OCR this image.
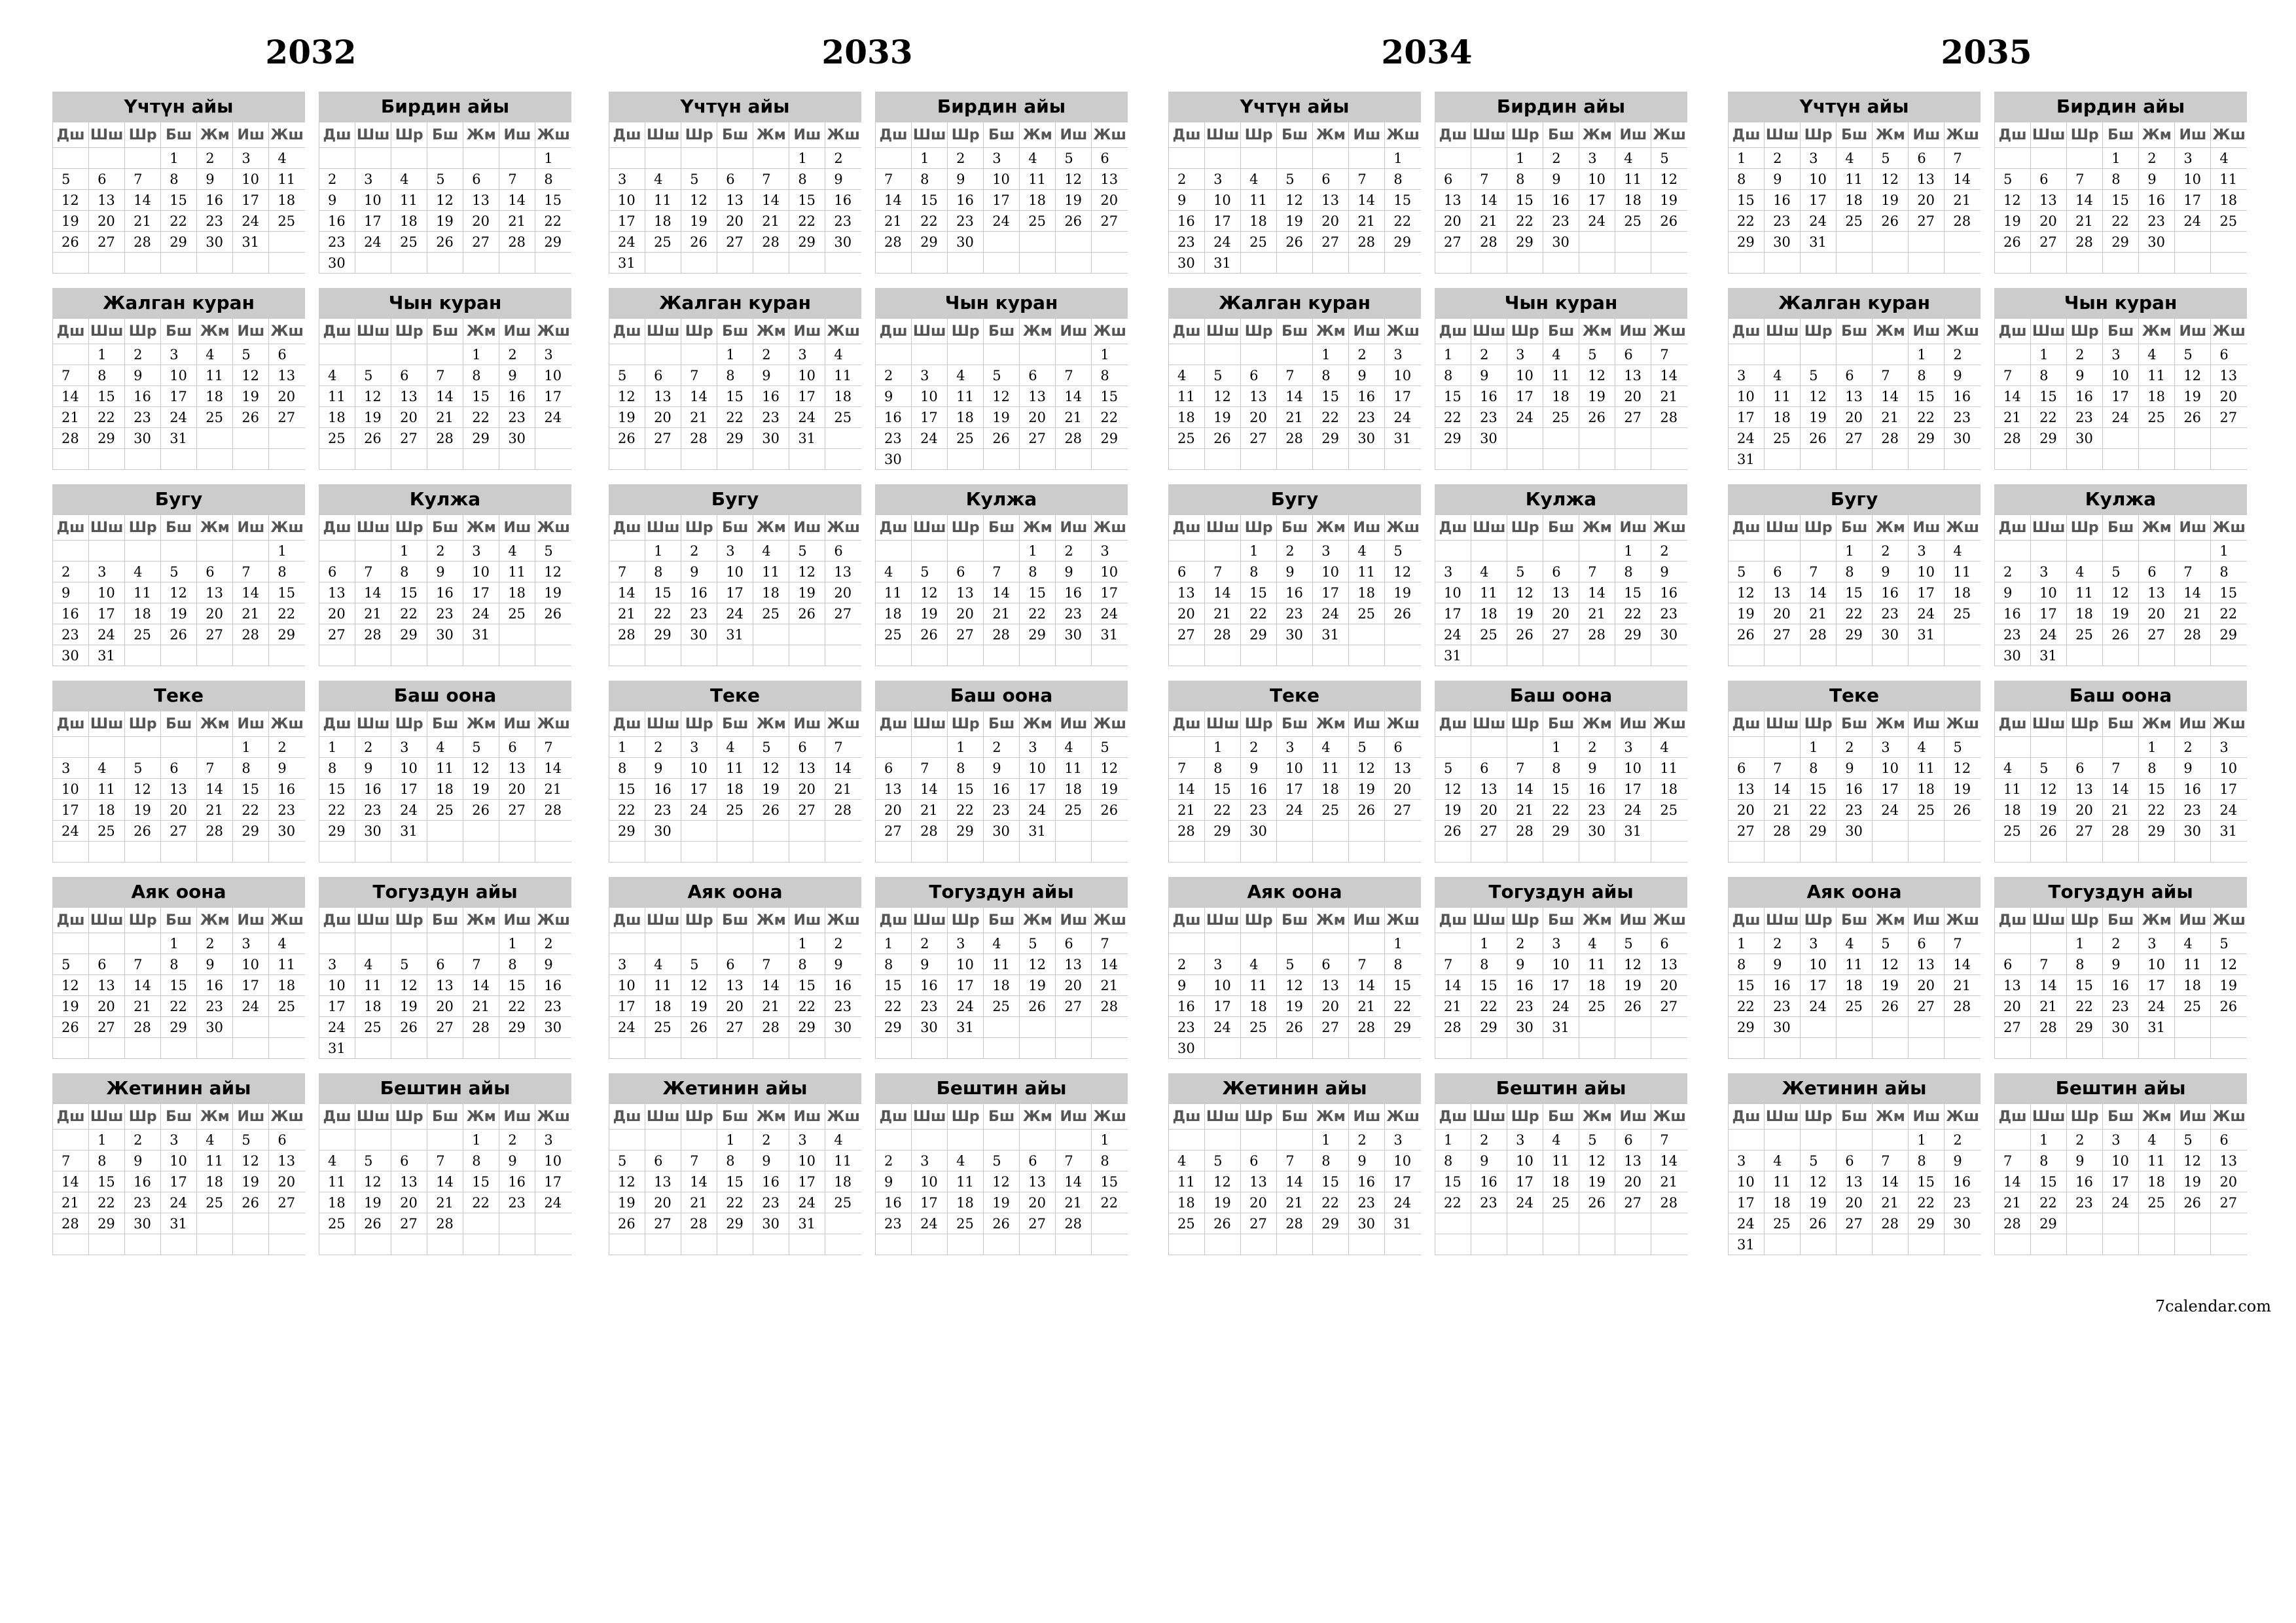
2032
Үчтүн айы
Дш	Шш	Шр	Бш	Жм	Иш	Жш
			1	2	3	4
5	6	7	8	9	10	11
12	13	14	15	16	17	18
19	20	21	22	23	24	25
26	27	28	29	30	31	

Бирдин айы
Дш	Шш	Шр	Бш	Жм	Иш	Жш
						1
2	3	4	5	6	7	8
9	10	11	12	13	14	15
16	17	18	19	20	21	22
23	24	25	26	27	28	29
30						
Жалган куран
Дш	Шш	Шр	Бш	Жм	Иш	Жш
	1	2	3	4	5	6
7	8	9	10	11	12	13
14	15	16	17	18	19	20
21	22	23	24	25	26	27
28	29	30	31			

Чын куран
Дш	Шш	Шр	Бш	Жм	Иш	Жш
				1	2	3
4	5	6	7	8	9	10
11	12	13	14	15	16	17
18	19	20	21	22	23	24
25	26	27	28	29	30	

Бугу
Дш	Шш	Шр	Бш	Жм	Иш	Жш
						1
2	3	4	5	6	7	8
9	10	11	12	13	14	15
16	17	18	19	20	21	22
23	24	25	26	27	28	29
30	31					
Кулжа
Дш	Шш	Шр	Бш	Жм	Иш	Жш
		1	2	3	4	5
6	7	8	9	10	11	12
13	14	15	16	17	18	19
20	21	22	23	24	25	26
27	28	29	30	31		

Теке
Дш	Шш	Шр	Бш	Жм	Иш	Жш
					1	2
3	4	5	6	7	8	9
10	11	12	13	14	15	16
17	18	19	20	21	22	23
24	25	26	27	28	29	30

Баш оона
Дш	Шш	Шр	Бш	Жм	Иш	Жш
1	2	3	4	5	6	7
8	9	10	11	12	13	14
15	16	17	18	19	20	21
22	23	24	25	26	27	28
29	30	31				

Аяк оона
Дш	Шш	Шр	Бш	Жм	Иш	Жш
			1	2	3	4
5	6	7	8	9	10	11
12	13	14	15	16	17	18
19	20	21	22	23	24	25
26	27	28	29	30		

Тогуздун айы
Дш	Шш	Шр	Бш	Жм	Иш	Жш
					1	2
3	4	5	6	7	8	9
10	11	12	13	14	15	16
17	18	19	20	21	22	23
24	25	26	27	28	29	30
31						
Жетинин айы
Дш	Шш	Шр	Бш	Жм	Иш	Жш
	1	2	3	4	5	6
7	8	9	10	11	12	13
14	15	16	17	18	19	20
21	22	23	24	25	26	27
28	29	30	31			

Бештин айы
Дш	Шш	Шр	Бш	Жм	Иш	Жш
				1	2	3
4	5	6	7	8	9	10
11	12	13	14	15	16	17
18	19	20	21	22	23	24
25	26	27	28			

2033
Үчтүн айы
Дш	Шш	Шр	Бш	Жм	Иш	Жш
					1	2
3	4	5	6	7	8	9
10	11	12	13	14	15	16
17	18	19	20	21	22	23
24	25	26	27	28	29	30
31						
Бирдин айы
Дш	Шш	Шр	Бш	Жм	Иш	Жш
	1	2	3	4	5	6
7	8	9	10	11	12	13
14	15	16	17	18	19	20
21	22	23	24	25	26	27
28	29	30				

Жалган куран
Дш	Шш	Шр	Бш	Жм	Иш	Жш
			1	2	3	4
5	6	7	8	9	10	11
12	13	14	15	16	17	18
19	20	21	22	23	24	25
26	27	28	29	30	31	

Чын куран
Дш	Шш	Шр	Бш	Жм	Иш	Жш
						1
2	3	4	5	6	7	8
9	10	11	12	13	14	15
16	17	18	19	20	21	22
23	24	25	26	27	28	29
30						
Бугу
Дш	Шш	Шр	Бш	Жм	Иш	Жш
	1	2	3	4	5	6
7	8	9	10	11	12	13
14	15	16	17	18	19	20
21	22	23	24	25	26	27
28	29	30	31			

Кулжа
Дш	Шш	Шр	Бш	Жм	Иш	Жш
				1	2	3
4	5	6	7	8	9	10
11	12	13	14	15	16	17
18	19	20	21	22	23	24
25	26	27	28	29	30	31

Теке
Дш	Шш	Шр	Бш	Жм	Иш	Жш
1	2	3	4	5	6	7
8	9	10	11	12	13	14
15	16	17	18	19	20	21
22	23	24	25	26	27	28
29	30					

Баш оона
Дш	Шш	Шр	Бш	Жм	Иш	Жш
		1	2	3	4	5
6	7	8	9	10	11	12
13	14	15	16	17	18	19
20	21	22	23	24	25	26
27	28	29	30	31		

Аяк оона
Дш	Шш	Шр	Бш	Жм	Иш	Жш
					1	2
3	4	5	6	7	8	9
10	11	12	13	14	15	16
17	18	19	20	21	22	23
24	25	26	27	28	29	30

Тогуздун айы
Дш	Шш	Шр	Бш	Жм	Иш	Жш
1	2	3	4	5	6	7
8	9	10	11	12	13	14
15	16	17	18	19	20	21
22	23	24	25	26	27	28
29	30	31				

Жетинин айы
Дш	Шш	Шр	Бш	Жм	Иш	Жш
			1	2	3	4
5	6	7	8	9	10	11
12	13	14	15	16	17	18
19	20	21	22	23	24	25
26	27	28	29	30	31	

Бештин айы
Дш	Шш	Шр	Бш	Жм	Иш	Жш
						1
2	3	4	5	6	7	8
9	10	11	12	13	14	15
16	17	18	19	20	21	22
23	24	25	26	27	28	

2034
Үчтүн айы
Дш	Шш	Шр	Бш	Жм	Иш	Жш
						1
2	3	4	5	6	7	8
9	10	11	12	13	14	15
16	17	18	19	20	21	22
23	24	25	26	27	28	29
30	31					
Бирдин айы
Дш	Шш	Шр	Бш	Жм	Иш	Жш
		1	2	3	4	5
6	7	8	9	10	11	12
13	14	15	16	17	18	19
20	21	22	23	24	25	26
27	28	29	30			

Жалган куран
Дш	Шш	Шр	Бш	Жм	Иш	Жш
				1	2	3
4	5	6	7	8	9	10
11	12	13	14	15	16	17
18	19	20	21	22	23	24
25	26	27	28	29	30	31

Чын куран
Дш	Шш	Шр	Бш	Жм	Иш	Жш
1	2	3	4	5	6	7
8	9	10	11	12	13	14
15	16	17	18	19	20	21
22	23	24	25	26	27	28
29	30					

Бугу
Дш	Шш	Шр	Бш	Жм	Иш	Жш
		1	2	3	4	5
6	7	8	9	10	11	12
13	14	15	16	17	18	19
20	21	22	23	24	25	26
27	28	29	30	31		

Кулжа
Дш	Шш	Шр	Бш	Жм	Иш	Жш
					1	2
3	4	5	6	7	8	9
10	11	12	13	14	15	16
17	18	19	20	21	22	23
24	25	26	27	28	29	30
31						
Теке
Дш	Шш	Шр	Бш	Жм	Иш	Жш
	1	2	3	4	5	6
7	8	9	10	11	12	13
14	15	16	17	18	19	20
21	22	23	24	25	26	27
28	29	30				

Баш оона
Дш	Шш	Шр	Бш	Жм	Иш	Жш
			1	2	3	4
5	6	7	8	9	10	11
12	13	14	15	16	17	18
19	20	21	22	23	24	25
26	27	28	29	30	31	

Аяк оона
Дш	Шш	Шр	Бш	Жм	Иш	Жш
						1
2	3	4	5	6	7	8
9	10	11	12	13	14	15
16	17	18	19	20	21	22
23	24	25	26	27	28	29
30						
Тогуздун айы
Дш	Шш	Шр	Бш	Жм	Иш	Жш
	1	2	3	4	5	6
7	8	9	10	11	12	13
14	15	16	17	18	19	20
21	22	23	24	25	26	27
28	29	30	31			

Жетинин айы
Дш	Шш	Шр	Бш	Жм	Иш	Жш
				1	2	3
4	5	6	7	8	9	10
11	12	13	14	15	16	17
18	19	20	21	22	23	24
25	26	27	28	29	30	31

Бештин айы
Дш	Шш	Шр	Бш	Жм	Иш	Жш
1	2	3	4	5	6	7
8	9	10	11	12	13	14
15	16	17	18	19	20	21
22	23	24	25	26	27	28

2035
Үчтүн айы
Дш	Шш	Шр	Бш	Жм	Иш	Жш
1	2	3	4	5	6	7
8	9	10	11	12	13	14
15	16	17	18	19	20	21
22	23	24	25	26	27	28
29	30	31				

Бирдин айы
Дш	Шш	Шр	Бш	Жм	Иш	Жш
			1	2	3	4
5	6	7	8	9	10	11
12	13	14	15	16	17	18
19	20	21	22	23	24	25
26	27	28	29	30		

Жалган куран
Дш	Шш	Шр	Бш	Жм	Иш	Жш
					1	2
3	4	5	6	7	8	9
10	11	12	13	14	15	16
17	18	19	20	21	22	23
24	25	26	27	28	29	30
31						
Чын куран
Дш	Шш	Шр	Бш	Жм	Иш	Жш
	1	2	3	4	5	6
7	8	9	10	11	12	13
14	15	16	17	18	19	20
21	22	23	24	25	26	27
28	29	30				

Бугу
Дш	Шш	Шр	Бш	Жм	Иш	Жш
			1	2	3	4
5	6	7	8	9	10	11
12	13	14	15	16	17	18
19	20	21	22	23	24	25
26	27	28	29	30	31	

Кулжа
Дш	Шш	Шр	Бш	Жм	Иш	Жш
						1
2	3	4	5	6	7	8
9	10	11	12	13	14	15
16	17	18	19	20	21	22
23	24	25	26	27	28	29
30	31					
Теке
Дш	Шш	Шр	Бш	Жм	Иш	Жш
		1	2	3	4	5
6	7	8	9	10	11	12
13	14	15	16	17	18	19
20	21	22	23	24	25	26
27	28	29	30			

Баш оона
Дш	Шш	Шр	Бш	Жм	Иш	Жш
				1	2	3
4	5	6	7	8	9	10
11	12	13	14	15	16	17
18	19	20	21	22	23	24
25	26	27	28	29	30	31

Аяк оона
Дш	Шш	Шр	Бш	Жм	Иш	Жш
1	2	3	4	5	6	7
8	9	10	11	12	13	14
15	16	17	18	19	20	21
22	23	24	25	26	27	28
29	30					

Тогуздун айы
Дш	Шш	Шр	Бш	Жм	Иш	Жш
		1	2	3	4	5
6	7	8	9	10	11	12
13	14	15	16	17	18	19
20	21	22	23	24	25	26
27	28	29	30	31		

Жетинин айы
Дш	Шш	Шр	Бш	Жм	Иш	Жш
					1	2
3	4	5	6	7	8	9
10	11	12	13	14	15	16
17	18	19	20	21	22	23
24	25	26	27	28	29	30
31						
Бештин айы
Дш	Шш	Шр	Бш	Жм	Иш	Жш
	1	2	3	4	5	6
7	8	9	10	11	12	13
14	15	16	17	18	19	20
21	22	23	24	25	26	27
28	29					

7calendar.com
